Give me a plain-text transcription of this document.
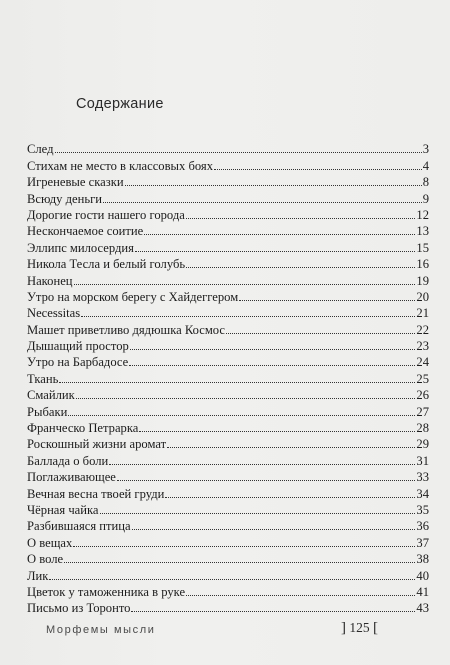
Содержание
След	3
Стихам не место в классовых боях	4
Игреневые сказки	8
Всюду деньги	9
Дорогие гости нашего города	12
Нескончаемое соитие	13
Эллипс милосердия	15
Никола Тесла и белый голубь	16
Наконец	19
Утро на морском берегу с Хайдеггером	20
Necessitas	21
Машет приветливо дядюшка Космос	22
Дышащий простор	23
Утро на Барбадосе	24
Ткань	25
Смайлик	26
Рыбаки	27
Франческо Петрарка	28
Роскошный жизни аромат	29
Баллада о боли	31
Поглаживающее	33
Вечная весна твоей груди	34
Чёрная чайка	35
Разбившаяся птица	36
О вещах	37
О воле	38
Лик	40
Цветок у таможенника в руке	41
Письмо из Торонто	43
Морфемы мысли	] 125 [
